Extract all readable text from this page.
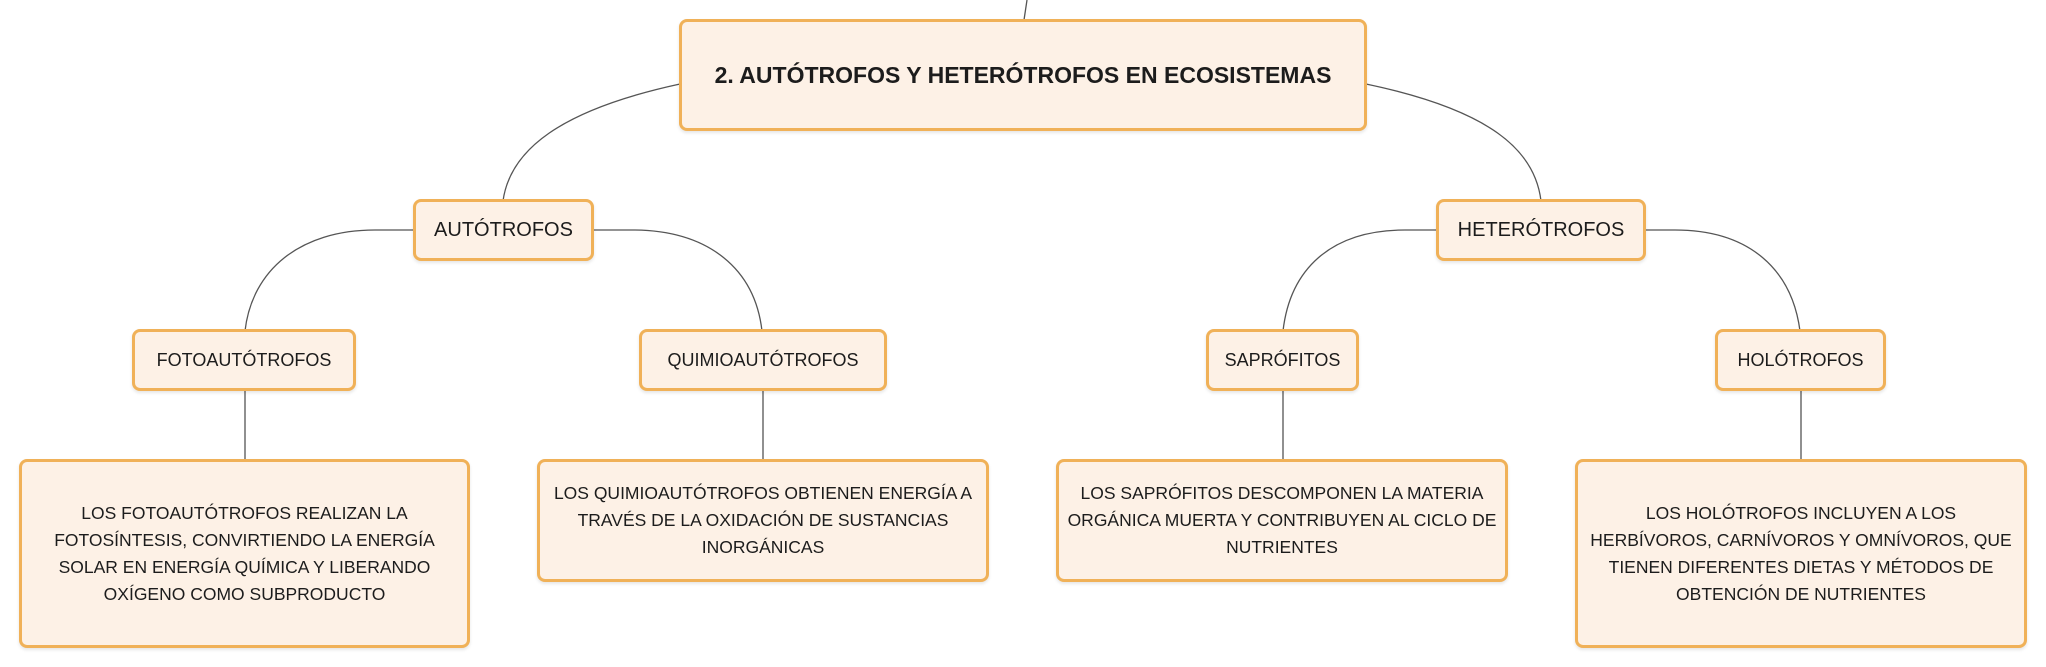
2. AUTÓTROFOS Y HETERÓTROFOS EN ECOSISTEMAS
AUTÓTROFOS	HETERÓTROFOS
FOTOAUTÓTROFOS	QUIMIOAUTÓTROFOS	SAPRÓFITOS	HOLÓTROFOS
LOS FOTOAUTÓTROFOS REALIZAN LA FOTOSÍNTESIS, CONVIRTIENDO LA ENERGÍA SOLAR EN ENERGÍA QUÍMICA Y LIBERANDO OXÍGENO COMO SUBPRODUCTO
LOS QUIMIOAUTÓTROFOS OBTIENEN ENERGÍA A TRAVÉS DE LA OXIDACIÓN DE SUSTANCIAS INORGÁNICAS
LOS SAPRÓFITOS DESCOMPONEN LA MATERIA ORGÁNICA MUERTA Y CONTRIBUYEN AL CICLO DE NUTRIENTES
LOS HOLÓTROFOS INCLUYEN A LOS HERBÍVOROS, CARNÍVOROS Y OMNÍVOROS, QUE TIENEN DIFERENTES DIETAS Y MÉTODOS DE OBTENCIÓN DE NUTRIENTES
